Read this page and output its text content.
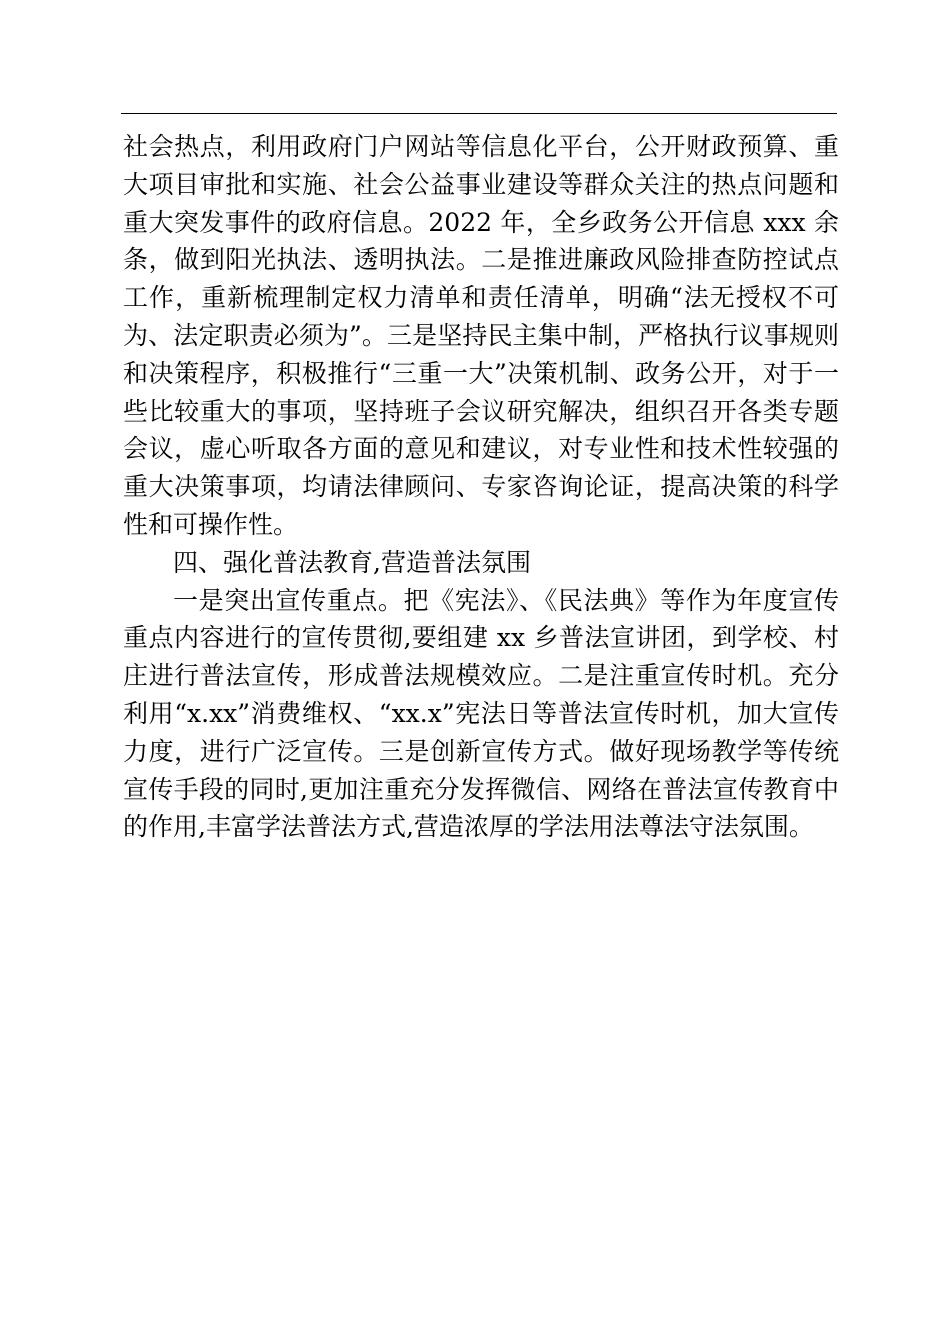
社会热点，利用政府门户网站等信息化平台，公开财政预算、重大项目审批和实施、社会公益事业建设等群众关注的热点问题和重大突发事件的政府信息。2022 年，全乡政务公开信息 xxx 余条，做到阳光执法、透明执法。二是推进廉政风险排查防控试点工作，重新梳理制定权力清单和责任清单，明确“法无授权不可为、法定职责必须为”。三是坚持民主集中制，严格执行议事规则和决策程序，积极推行“三重一大”决策机制、政务公开，对于一些比较重大的事项，坚持班子会议研究解决，组织召开各类专题会议，虚心听取各方面的意见和建议，对专业性和技术性较强的重大决策事项，均请法律顾问、专家咨询论证，提高决策的科学性和可操作性。

四、强化普法教育,营造普法氛围

一是突出宣传重点。把《宪法》、《民法典》等作为年度宣传重点内容进行的宣传贯彻,要组建 xx 乡普法宣讲团，到学校、村庄进行普法宣传，形成普法规模效应。二是注重宣传时机。充分利用“x.xx”消费维权、“xx.x”宪法日等普法宣传时机，加大宣传力度，进行广泛宣传。三是创新宣传方式。做好现场教学等传统宣传手段的同时,更加注重充分发挥微信、网络在普法宣传教育中的作用,丰富学法普法方式,营造浓厚的学法用法尊法守法氛围。
